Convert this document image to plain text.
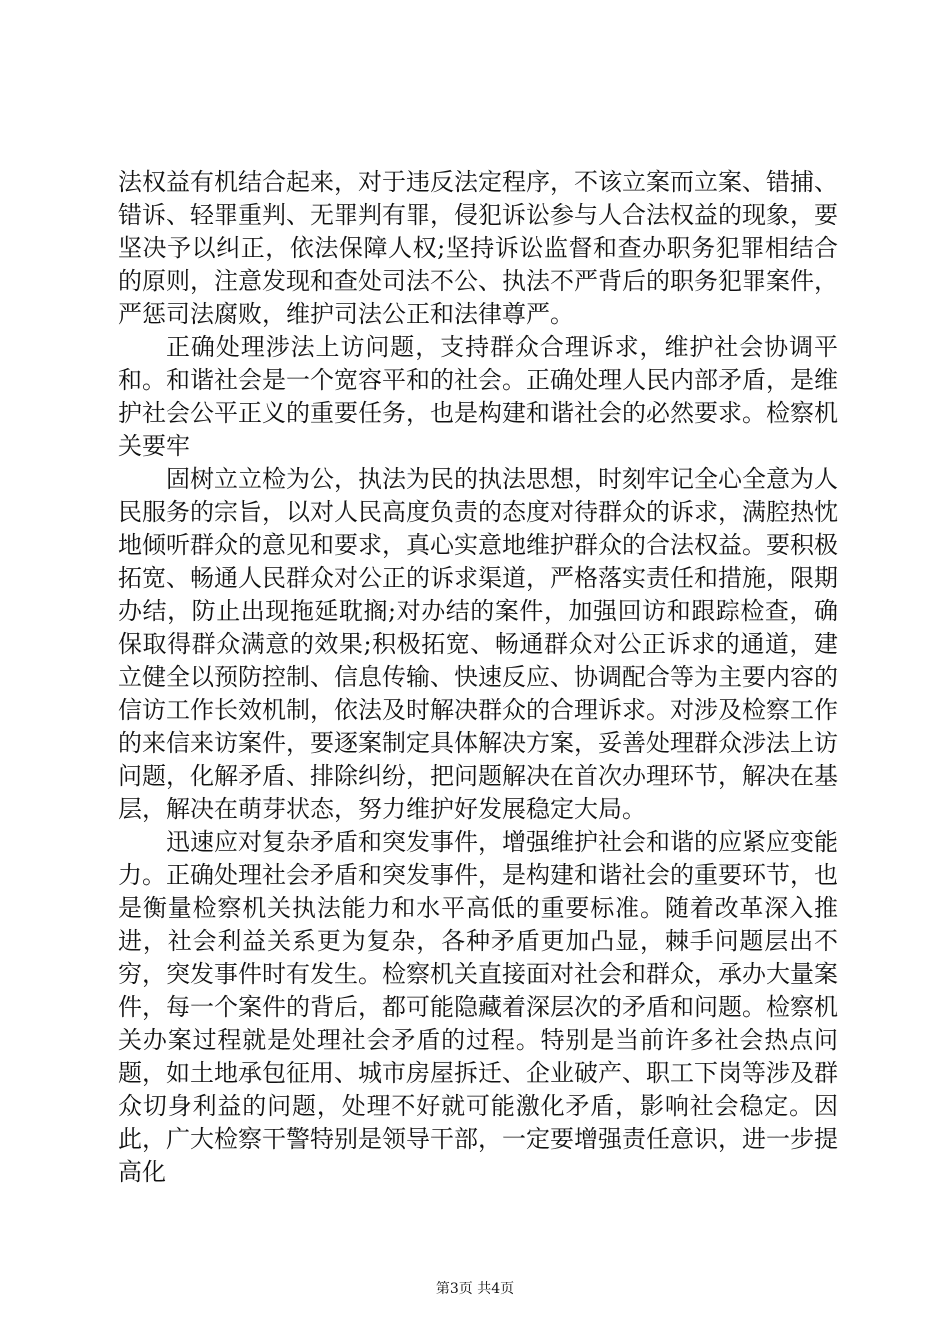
法权益有机结合起来，对于违反法定程序，不该立案而立案、错捕、错诉、轻罪重判、无罪判有罪，侵犯诉讼参与人合法权益的现象，要坚决予以纠正，依法保障人权;坚持诉讼监督和查办职务犯罪相结合的原则，注意发现和查处司法不公、执法不严背后的职务犯罪案件，严惩司法腐败，维护司法公正和法律尊严。

正确处理涉法上访问题，支持群众合理诉求，维护社会协调平和。和谐社会是一个宽容平和的社会。正确处理人民内部矛盾，是维护社会公平正义的重要任务，也是构建和谐社会的必然要求。检察机关要牢

固树立立检为公，执法为民的执法思想，时刻牢记全心全意为人民服务的宗旨，以对人民高度负责的态度对待群众的诉求，满腔热忱地倾听群众的意见和要求，真心实意地维护群众的合法权益。要积极拓宽、畅通人民群众对公正的诉求渠道，严格落实责任和措施，限期办结，防止出现拖延耽搁;对办结的案件，加强回访和跟踪检查，确保取得群众满意的效果;积极拓宽、畅通群众对公正诉求的通道，建立健全以预防控制、信息传输、快速反应、协调配合等为主要内容的信访工作长效机制，依法及时解决群众的合理诉求。对涉及检察工作的来信来访案件，要逐案制定具体解决方案，妥善处理群众涉法上访问题，化解矛盾、排除纠纷，把问题解决在首次办理环节，解决在基层，解决在萌芽状态，努力维护好发展稳定大局。

迅速应对复杂矛盾和突发事件，增强维护社会和谐的应紧应变能力。正确处理社会矛盾和突发事件，是构建和谐社会的重要环节，也是衡量检察机关执法能力和水平高低的重要标准。随着改革深入推进，社会利益关系更为复杂，各种矛盾更加凸显，棘手问题层出不穷，突发事件时有发生。检察机关直接面对社会和群众，承办大量案件，每一个案件的背后，都可能隐藏着深层次的矛盾和问题。检察机关办案过程就是处理社会矛盾的过程。特别是当前许多社会热点问题，如土地承包征用、城市房屋拆迁、企业破产、职工下岗等涉及群众切身利益的问题，处理不好就可能激化矛盾，影响社会稳定。因此，广大检察干警特别是领导干部，一定要增强责任意识，进一步提高化

第3页 共4页
